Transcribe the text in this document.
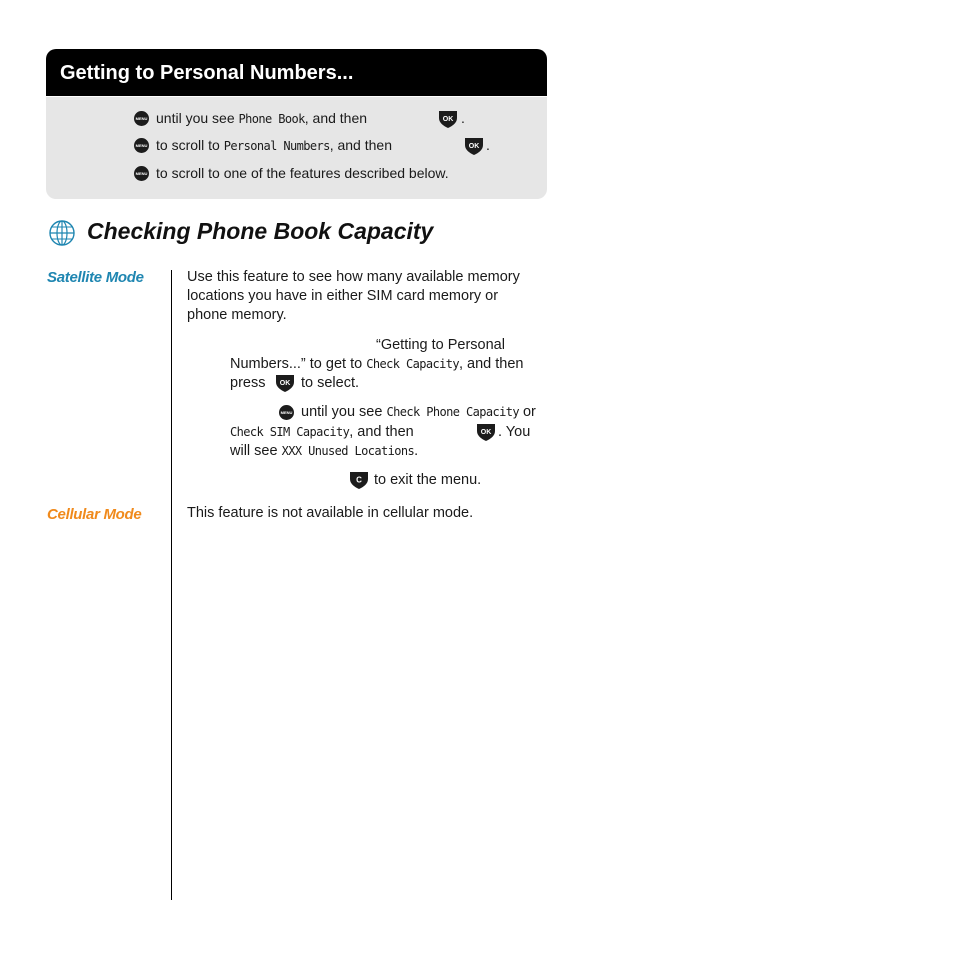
Getting to Personal Numbers...
MENU
until you see Phone Book, and then	OK .
MENU
to scroll to Personal Numbers, and then	OK .
MENU
to scroll to one of the features described below.
Checking Phone Book Capacity
Satellite Mode
Cellular Mode
Use this feature to see how many available memory
locations you have in either SIM card memory or
phone memory.
“Getting to Personal
Numbers...” to get to Check Capacity, and then
press OK to select.
MENU
until you see Check Phone Capacity or
Check SIM Capacity, and then	OK . You
will see XXX Unused Locations.
C to exit the menu.
This feature is not available in cellular mode.
